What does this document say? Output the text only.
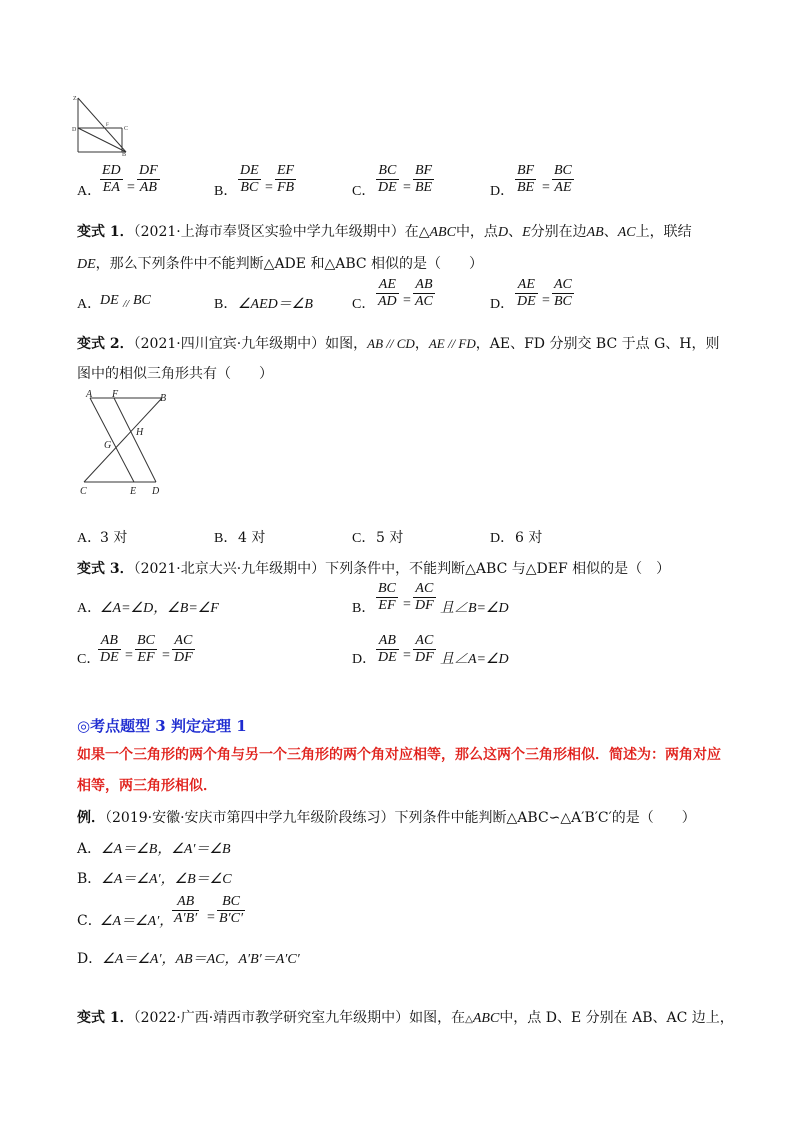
Z
D	C
B
F
A．
$\frac{ED}{EA} = \frac{DF}{AB}$	B． $\frac{DE}{BC} = \frac{EF}{FB}$	C． $\frac{BC}{DE} = \frac{BF}{BE}$	D． $\frac{BF}{BE} = \frac{BC}{AE}$
变式 1．（2021·上海市奉贤区实验中学九年级期中）在△ABC中，点D、E分别在边AB、AC上，联结
DE，那么下列条件中不能判断△ADE 和△ABC 相似的是（　　）
A．
DE // BC	B． ∠AED＝∠B	C． $\frac{AE}{AD} = \frac{AB}{AC}$	D． $\frac{AE}{DE} = \frac{AC}{BC}$
变式 2．（2021·四川宜宾·九年级期中）如图，AB // CD，AE // FD，AE、FD 分别交 BC 于点 G、H，则
图中的相似三角形共有（　　）
A F	B
G
H
C	E D
A．
3 对	B． 4 对	C． 5 对	D． 6 对
变式 3．（2021·北京大兴·九年级期中）下列条件中，不能判断△ABC 与△DEF 相似的是（　）
A．
∠A=∠D，∠B=∠F	B． $\frac{BC}{EF} = \frac{AC}{DF}$ 且∠B=∠D
C．
$\frac{AB}{DE} = \frac{BC}{EF} = \frac{AC}{DF}$	D． $\frac{AB}{DE} = \frac{AC}{DF}$ 且∠A=∠D
◎考点题型 3 判定定理 1
如果一个三角形的两个角与另一个三角形的两个角对应相等，那么这两个三角形相似．简述为：两角对应
相等，两三角形相似．
例．（2019·安徽·安庆市第四中学九年级阶段练习）下列条件中能判断△ABC∽△A′B′C′的是（　　）
A．∠A＝∠B，∠A′＝∠B
B．∠A＝∠A′，∠B＝∠C
C．
∠A＝∠A′，
$\frac{AB}{A'B'} = \frac{BC}{B'C'}$
D．∠A＝∠A′，AB＝AC，A′B′＝A′C′
变式 1．（2022·广西·靖西市教学研究室九年级期中）如图，在△ABC中，点 D、E 分别在 AB、AC 边上，
